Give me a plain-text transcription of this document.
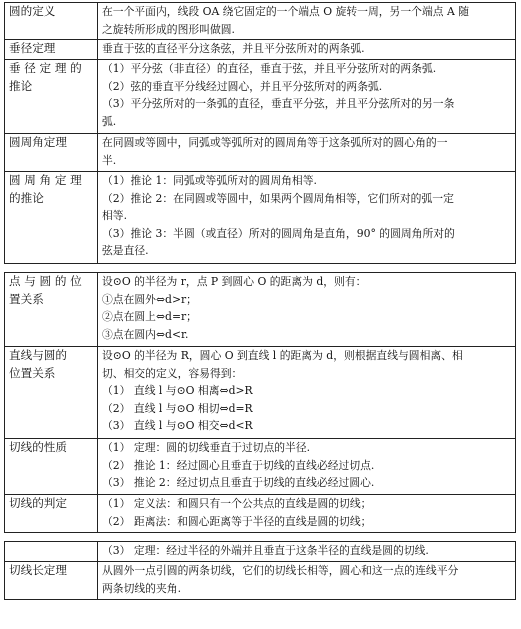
圆的定义	在一个平面内，线段 OA 绕它固定的一个端点 O 旋转一周，另一个端点 A 随
之旋转所形成的图形叫做圆.

垂径定理	垂直于弦的直径平分这条弦，并且平分弦所对的两条弧.

垂 径 定 理 的
推论	（1）平分弦（非直径）的直径，垂直于弦，并且平分弦所对的两条弧.
（2）弦的垂直平分线经过圆心，并且平分弦所对的两条弧.
（3）平分弦所对的一条弧的直径，垂直平分弦，并且平分弦所对的另一条
弧.

圆周角定理	在同圆或等圆中，同弧或等弧所对的圆周角等于这条弧所对的圆心角的一
半.

圆 周 角 定 理
的推论	（1）推论 1：同弧或等弧所对的圆周角相等.
（2）推论 2：在同圆或等圆中，如果两个圆周角相等，它们所对的弧一定
相等.
（3）推论 3：半圆（或直径）所对的圆周角是直角，90° 的圆周角所对的
弦是直径.
点 与 圆 的 位
置关系	设⊙O 的半径为 r，点 P 到圆心 O 的距离为 d，则有：
①点在圆外⇔d>r；
②点在圆上⇔d=r；
③点在圆内⇔d<r.

直线与圆的
位置关系	设⊙O 的半径为 R，圆心 O 到直线 l 的距离为 d，则根据直线与圆相离、相
切、相交的定义，容易得到：
（1） 直线 l 与⊙O 相离⇔d>R
（2） 直线 l 与⊙O 相切⇔d=R
（3） 直线 l 与⊙O 相交⇔d<R

切线的性质	（1） 定理：圆的切线垂直于过切点的半径.
（2） 推论 1：经过圆心且垂直于切线的直线必经过切点.
（3） 推论 2：经过切点且垂直于切线的直线必经过圆心.

切线的判定	（1） 定义法：和圆只有一个公共点的直线是圆的切线；
（2） 距离法：和圆心距离等于半径的直线是圆的切线；

	（3） 定理：经过半径的外端并且垂直于这条半径的直线是圆的切线.

切线长定理	从圆外一点引圆的两条切线，它们的切线长相等，圆心和这一点的连线平分
两条切线的夹角.
